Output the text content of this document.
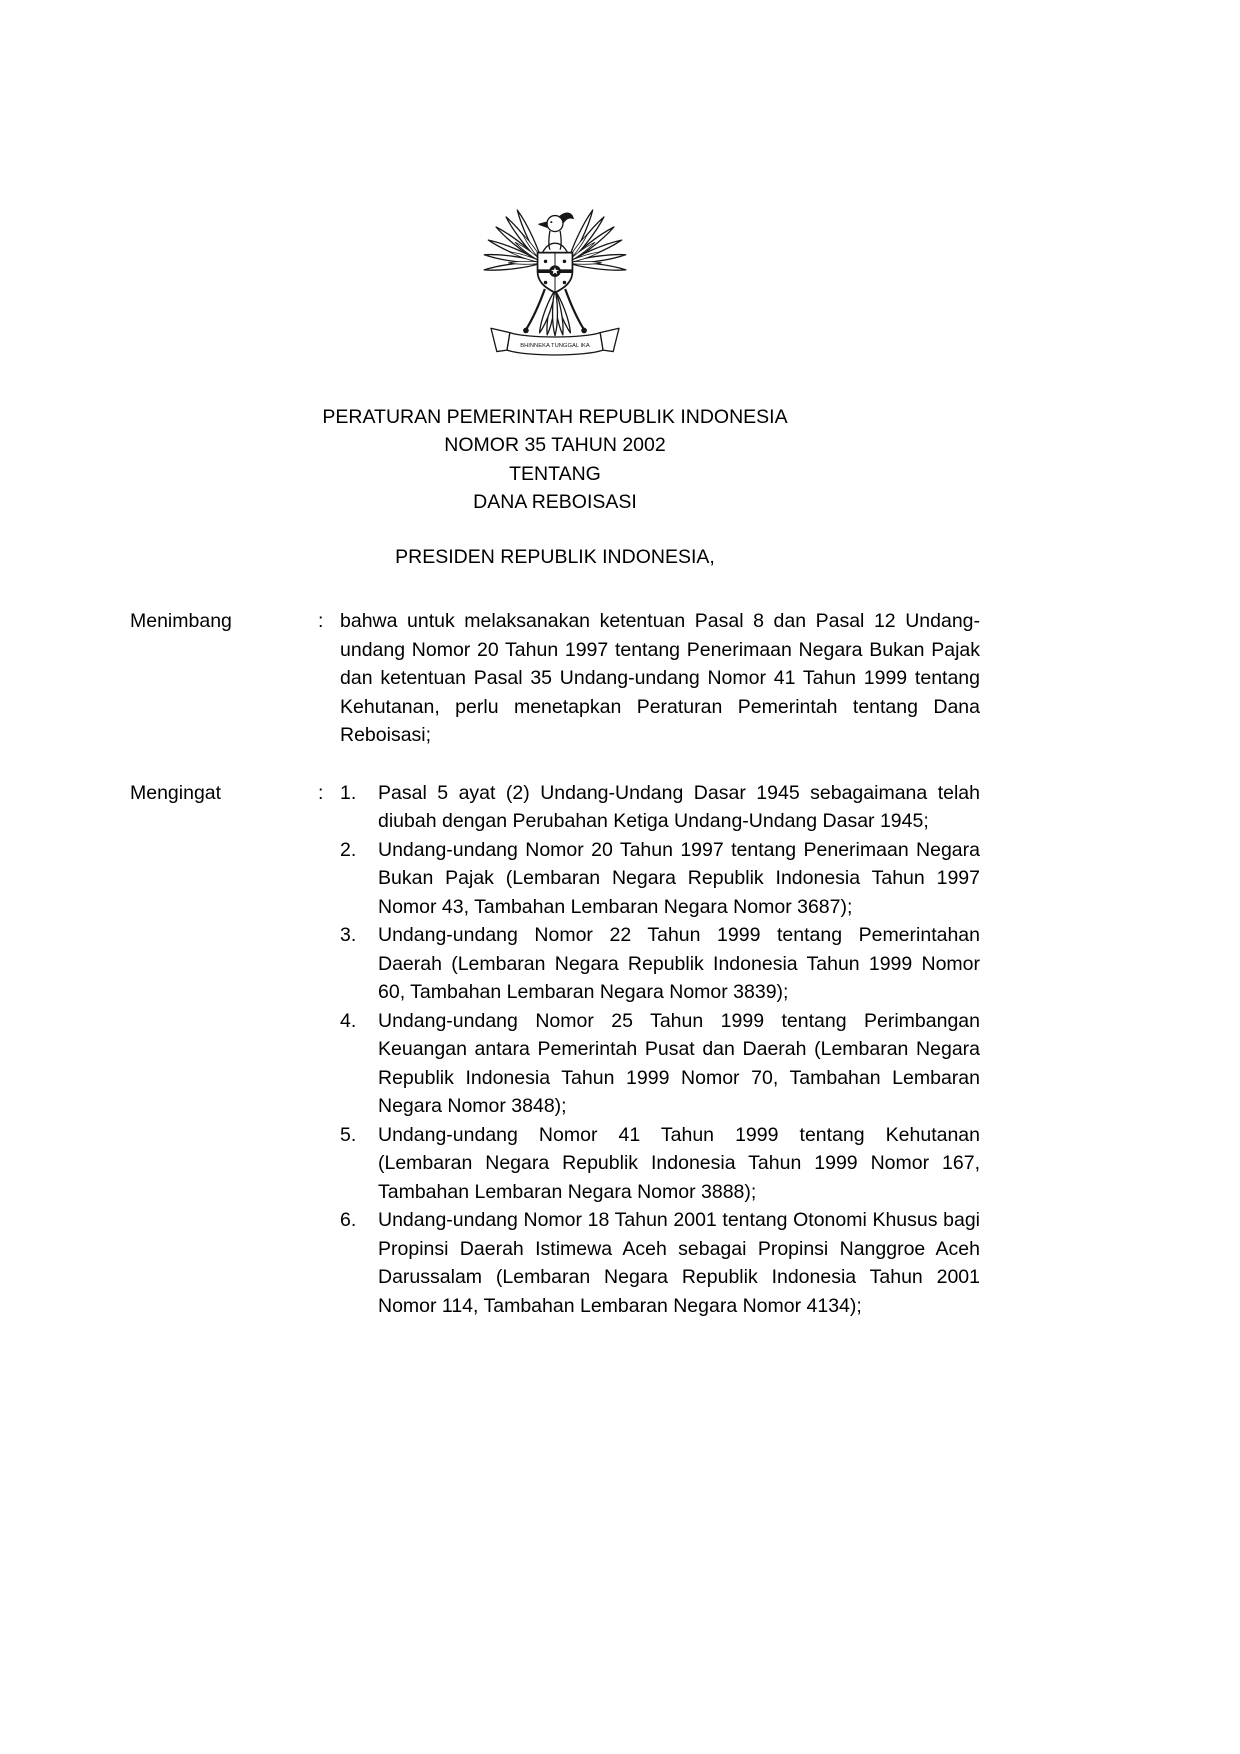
BHINNEKA TUNGGAL IKA
PERATURAN PEMERINTAH REPUBLIK INDONESIA
NOMOR 35 TAHUN 2002
TENTANG
DANA REBOISASI
PRESIDEN REPUBLIK INDONESIA,
Menimbang	: bahwa untuk melaksanakan ketentuan Pasal 8 dan Pasal 12 Undang-undang Nomor 20 Tahun 1997 tentang Penerimaan Negara Bukan Pajak dan ketentuan Pasal 35 Undang-undang Nomor 41 Tahun 1999 tentang Kehutanan, perlu menetapkan Peraturan Pemerintah tentang Dana Reboisasi;
Mengingat	: 1.	Pasal 5 ayat (2) Undang-Undang Dasar 1945 sebagaimana telah diubah dengan Perubahan Ketiga Undang-Undang Dasar 1945;
2.	Undang-undang Nomor 20 Tahun 1997 tentang Penerimaan Negara Bukan Pajak (Lembaran Negara Republik Indonesia Tahun 1997 Nomor 43, Tambahan Lembaran Negara Nomor 3687);
3.	Undang-undang Nomor 22 Tahun 1999 tentang Pemerintahan Daerah (Lembaran Negara Republik Indonesia Tahun 1999 Nomor 60, Tambahan Lembaran Negara Nomor 3839);
4.	Undang-undang Nomor 25 Tahun 1999 tentang Perimbangan Keuangan antara Pemerintah Pusat dan Daerah (Lembaran Negara Republik Indonesia Tahun 1999 Nomor 70, Tambahan Lembaran Negara Nomor 3848);
5.	Undang-undang Nomor 41 Tahun 1999 tentang Kehutanan (Lembaran Negara Republik Indonesia Tahun 1999 Nomor 167, Tambahan Lembaran Negara Nomor 3888);
6.	Undang-undang Nomor 18 Tahun 2001 tentang Otonomi Khusus bagi Propinsi Daerah Istimewa Aceh sebagai Propinsi Nanggroe Aceh Darussalam (Lembaran Negara Republik Indonesia Tahun 2001 Nomor 114, Tambahan Lembaran Negara Nomor 4134);
